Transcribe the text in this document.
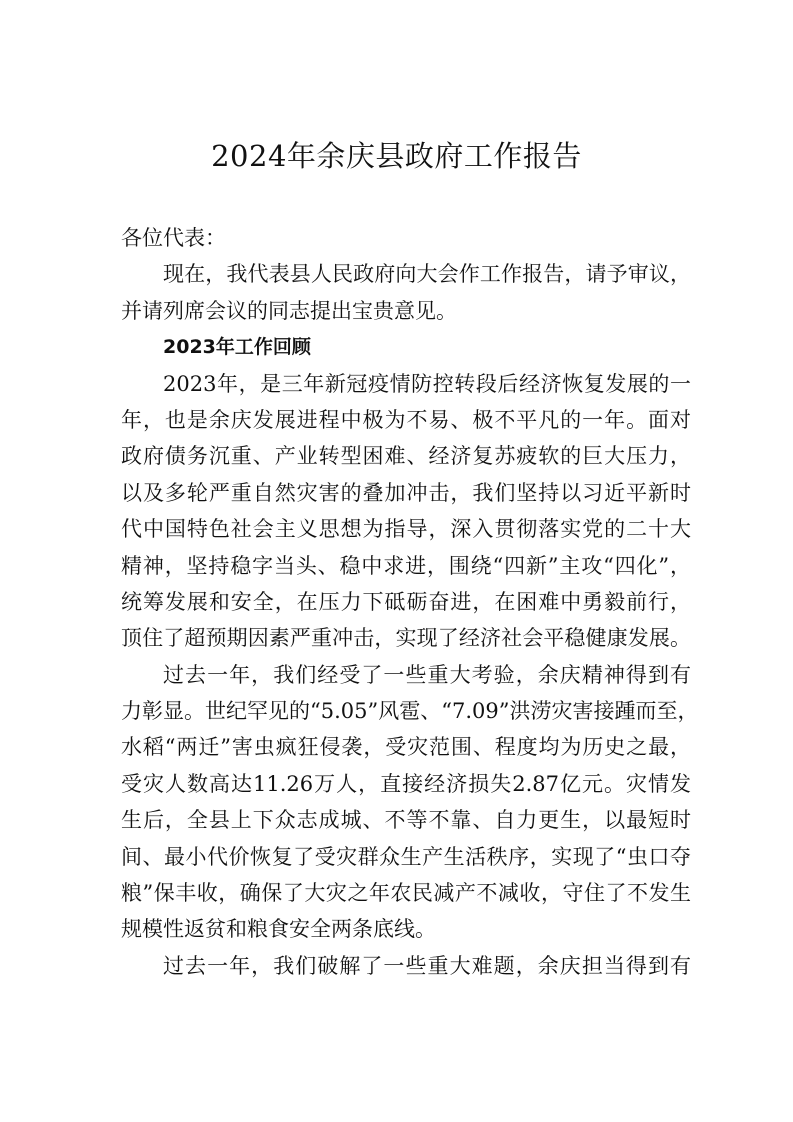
2024年余庆县政府工作报告
各位代表：
现在，我代表县人民政府向大会作工作报告，请予审议，
并请列席会议的同志提出宝贵意见。
2023年工作回顾
2023年，是三年新冠疫情防控转段后经济恢复发展的一
年，也是余庆发展进程中极为不易、极不平凡的一年。面对
政府债务沉重、产业转型困难、经济复苏疲软的巨大压力，
以及多轮严重自然灾害的叠加冲击，我们坚持以习近平新时
代中国特色社会主义思想为指导，深入贯彻落实党的二十大
精神，坚持稳字当头、稳中求进，围绕“四新”主攻“四化”，
统筹发展和安全，在压力下砥砺奋进，在困难中勇毅前行，
顶住了超预期因素严重冲击，实现了经济社会平稳健康发展。
过去一年，我们经受了一些重大考验，余庆精神得到有
力彰显。世纪罕见的“5.05”风雹、“7.09”洪涝灾害接踵而至，
水稻“两迁”害虫疯狂侵袭，受灾范围、程度均为历史之最，
受灾人数高达11.26万人，直接经济损失2.87亿元。灾情发
生后，全县上下众志成城、不等不靠、自力更生，以最短时
间、最小代价恢复了受灾群众生产生活秩序，实现了“虫口夺
粮”保丰收，确保了大灾之年农民减产不减收，守住了不发生
规模性返贫和粮食安全两条底线。
过去一年，我们破解了一些重大难题，余庆担当得到有
